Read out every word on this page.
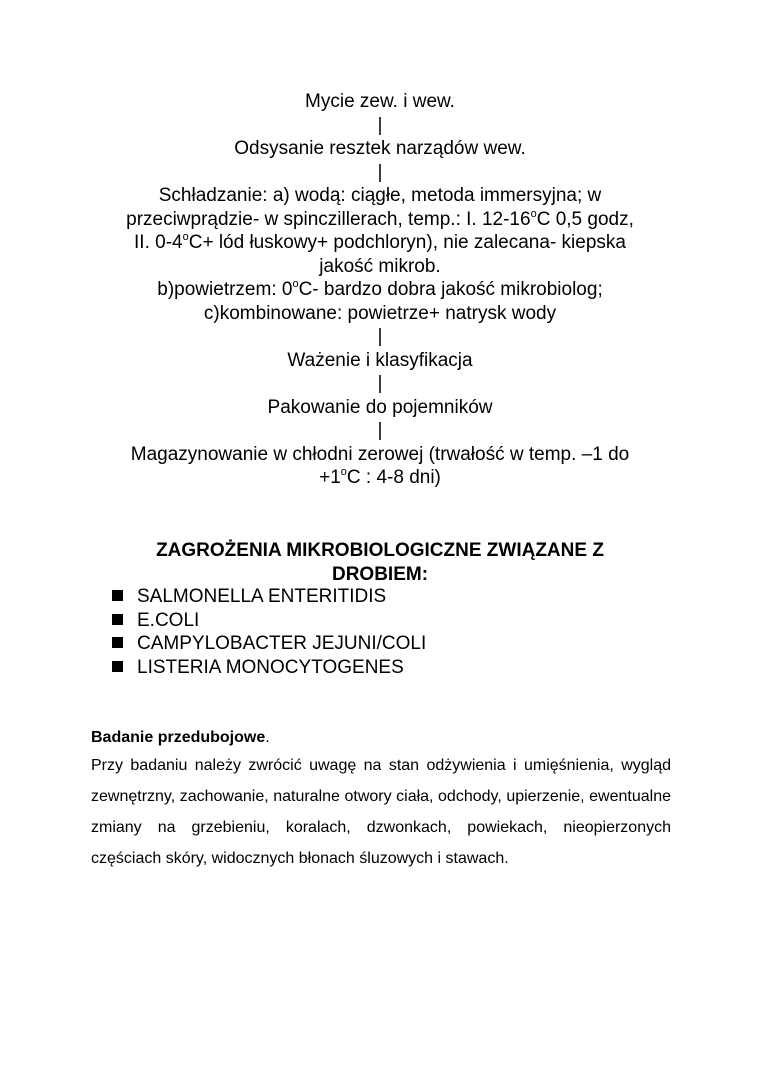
Mycie zew. i wew.

|

Odsysanie resztek narządów wew.

|

Schładzanie: a) wodą: ciągłe, metoda immersyjna; w

przeciwprądzie- w spinczillerach, temp.: I. 12-16$^o$C 0,5 godz,

II. $0-4^oC+$ lód łuskowy+ podchloryn), nie zalecana- kiepska

jakość mikrob.

b)powietrzem: 0$^o$C- bardzo dobra jakość mikrobiolog;

c)kombinowane: powietrze+ natrysk wody

|

Ważenie i klasyfikacja

|

Pakowanie do pojemników

|

Magazynowanie w chłodni zerowej (trwałość w temp. –1 do

$+1^oC$ : 4-8 dni)

ZAGROŻENIA MIKROBIOLOGICZNE ZWIĄZANE Z

DROBIEM:

SALMONELLA ENTERITIDIS
E.COLI
CAMPYLOBACTER JEJUNI/COLI
LISTERIA MONOCYTOGENES

Badanie przedubojowe.

Przy badaniu należy zwrócić uwagę na stan odżywienia i umięśnienia, wygląd zewnętrzny, zachowanie, naturalne otwory ciała, odchody, upierzenie, ewentualne zmiany na grzebieniu, koralach, dzwonkach, powiekach, nieopierzonych częściach skóry, widocznych błonach śluzowych i stawach.
